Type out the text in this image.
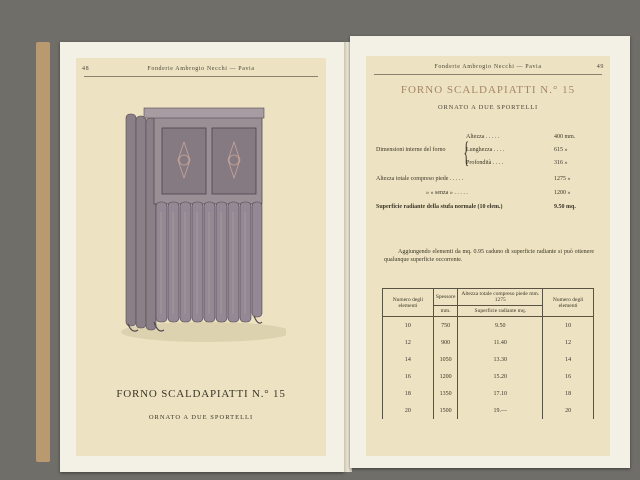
48	Fonderie Ambrogio Necchi — Pavia
FORNO SCALDAPIATTI N.° 15
ORNATO A DUE SPORTELLI
Fonderie Ambrogio Necchi — Pavia	49
FORNO SCALDAPIATTI N.° 15
ORNATO A DUE SPORTELLI
Altezza . . . . .	400 mm.
Dimensioni interne del forno {
Lunghezza . . . .	615 »
Profondità . . . .	316 »
Altezza totale compreso piede . . . . .	1275 »
» » senza » . . . . .	1200 »
Superficie radiante della stufa normale (10 elem.)	9.50 mq.
Aggiungendo elementi da mq. 0.95 caduno di superficie radiante si può ottenere qualunque superficie occorrente.
Numero degli elementi	Spessore	Altezza totale compreso piede mm. 1275	Numero degli elementi
	mm.	Superficie radiante mq.	
10	750	9.50	10
12	900	11.40	12
14	1050	13.30	14
16	1200	15.20	16
18	1350	17.10	18
20	1500	19.—	20
